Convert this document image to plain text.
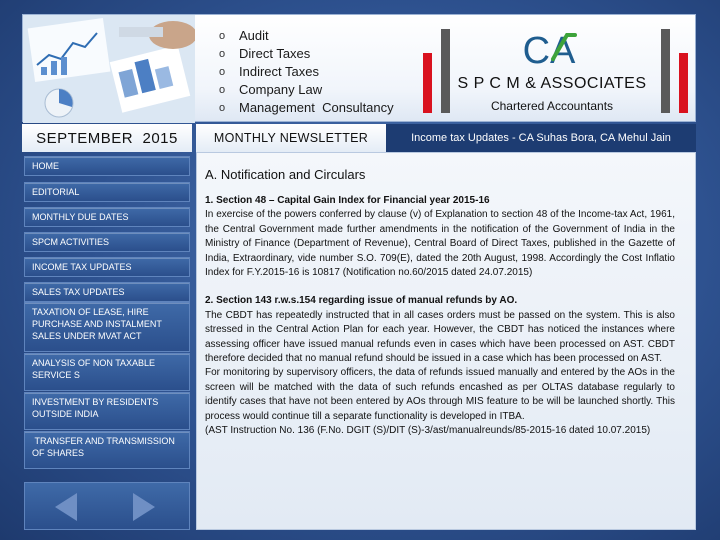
o	Audit
o	Direct Taxes
o	Indirect Taxes
o	Company Law
o	Management  Consultancy
CA
S P C M & ASSOCIATES
Chartered Accountants
SEPTEMBER  2015	MONTHLY NEWSLETTER	Income tax Updates - CA Suhas Bora, CA Mehul Jain
HOME
EDITORIAL
MONTHLY DUE DATES
SPCM ACTIVITIES
INCOME TAX UPDATES
SALES TAX UPDATES
TAXATION OF LEASE, HIRE PURCHASE AND INSTALMENT SALES UNDER MVAT ACT
ANALYSIS OF NON TAXABLE SERVICE S
INVESTMENT BY RESIDENTS OUTSIDE INDIA
TRANSFER AND TRANSMISSION OF SHARES
A. Notification and Circulars

1. Section 48 – Capital Gain Index for Financial year 2015-16

In exercise of the powers conferred by clause (v) of Explanation to section 48 of the Income-tax Act, 1961, the Central Government made further amendments in the notification of the Government of India in the Ministry of Finance (Department of Revenue), Central Board of Direct Taxes, published in the Gazette of India, Extraordinary, vide number S.O. 709(E), dated the 20th August, 1998. Accordingly the Cost Inflatio Index for F.Y.2015-16 is 10817 (Notification no.60/2015 dated 24.07.2015)

2. Section 143 r.w.s.154 regarding issue of manual refunds by AO.

The CBDT has repeatedly instructed that in all cases orders must be passed on the system. This is also stressed in the Central Action Plan for each year. However, the CBDT has noticed the instances where assessing officer have issued manual refunds even in cases which have been processed on AST. CBDT therefore decided that no manual refund should be issued in a case which has been processed on AST.

For monitoring by supervisory officers, the data of refunds issued manually and entered by the AOs in the screen will be matched with the data of such refunds encashed as per OLTAS database regularly to identify cases that have not been entered by AOs through MIS feature to be will be launched shortly. This process would continue till a separate functionality is developed in ITBA.

(AST Instruction No. 136 (F.No. DGIT (S)/DIT (S)-3/ast/manualreunds/85-2015-16 dated 10.07.2015)
